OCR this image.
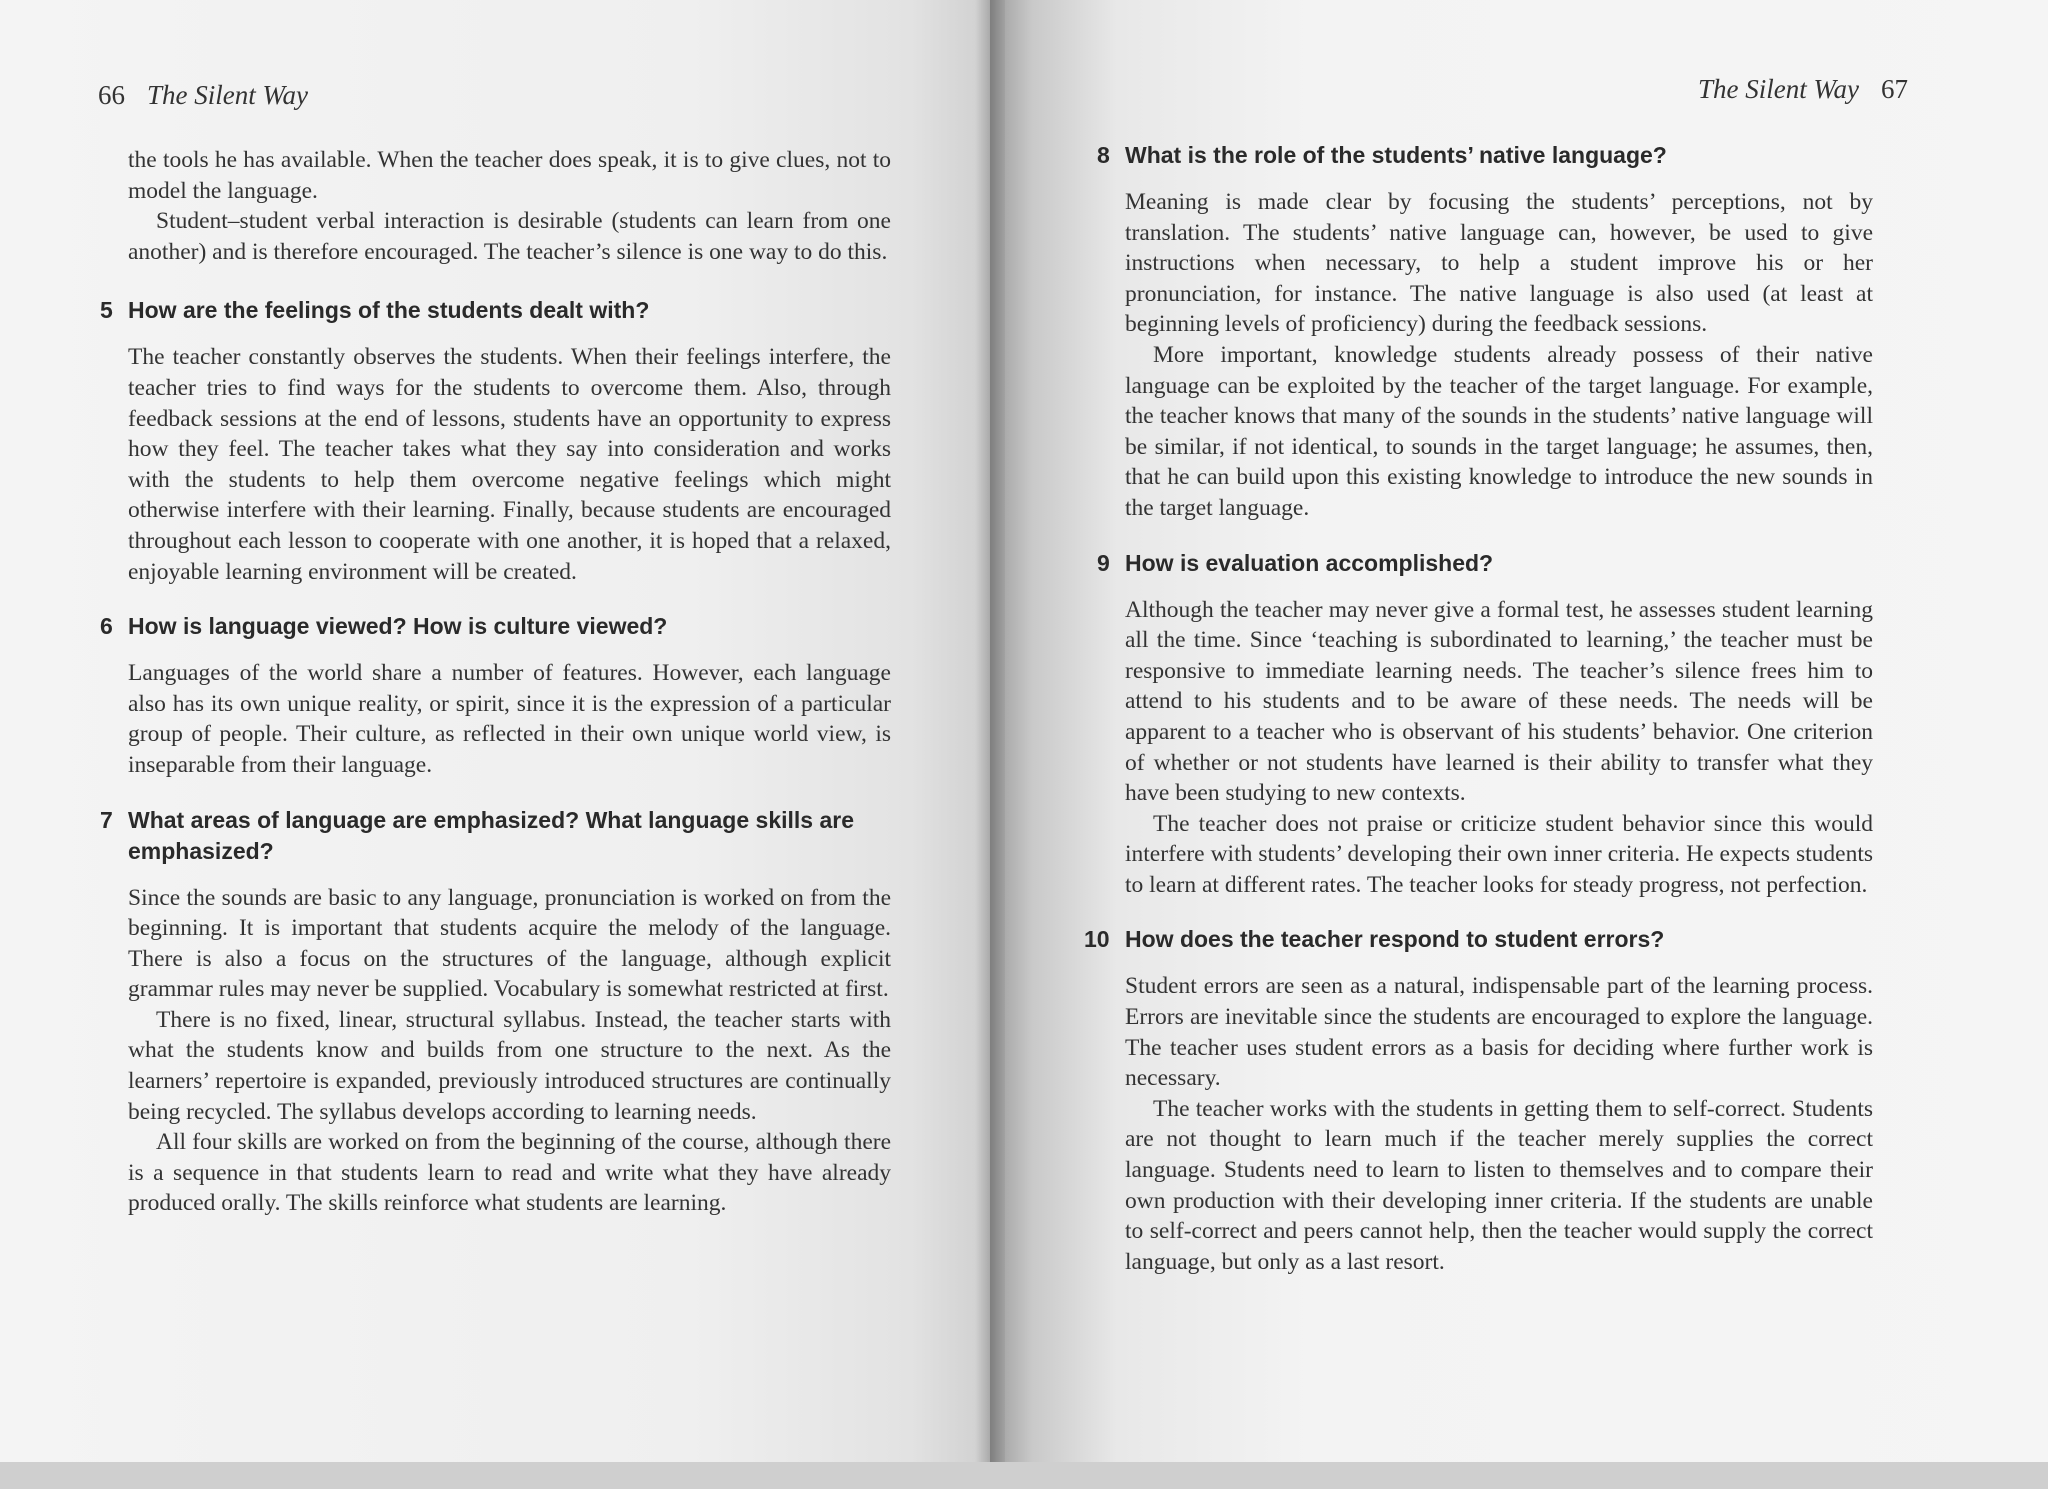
66 The Silent Way

the tools he has available. When the teacher does speak, it is to give clues, not to model the language.

Student–student verbal interaction is desirable (students can learn from one another) and is therefore encouraged. The teacher’s silence is one way to do this.

5 How are the feelings of the students dealt with?

The teacher constantly observes the students. When their feelings interfere, the teacher tries to find ways for the students to overcome them. Also, through feedback sessions at the end of lessons, students have an opportunity to express how they feel. The teacher takes what they say into consideration and works with the students to help them overcome negative feelings which might otherwise interfere with their learning. Finally, because students are encouraged throughout each lesson to cooperate with one another, it is hoped that a relaxed, enjoyable learning environment will be created.

6 How is language viewed? How is culture viewed?

Languages of the world share a number of features. However, each language also has its own unique reality, or spirit, since it is the expression of a particular group of people. Their culture, as reflected in their own unique world view, is inseparable from their language.

7 What areas of language are emphasized? What language skills are emphasized?

Since the sounds are basic to any language, pronunciation is worked on from the beginning. It is important that students acquire the melody of the language. There is also a focus on the structures of the language, although explicit grammar rules may never be supplied. Vocabulary is somewhat restricted at first.

There is no fixed, linear, structural syllabus. Instead, the teacher starts with what the students know and builds from one structure to the next. As the learners’ repertoire is expanded, previously introduced structures are continually being recycled. The syllabus develops according to learning needs.

All four skills are worked on from the beginning of the course, although there is a sequence in that students learn to read and write what they have already produced orally. The skills reinforce what students are learning.

The Silent Way 67

8 What is the role of the students’ native language?

Meaning is made clear by focusing the students’ perceptions, not by translation. The students’ native language can, however, be used to give instructions when necessary, to help a student improve his or her pronunciation, for instance. The native language is also used (at least at beginning levels of proficiency) during the feedback sessions.

More important, knowledge students already possess of their native language can be exploited by the teacher of the target language. For example, the teacher knows that many of the sounds in the students’ native language will be similar, if not identical, to sounds in the target language; he assumes, then, that he can build upon this existing knowledge to introduce the new sounds in the target language.

9 How is evaluation accomplished?

Although the teacher may never give a formal test, he assesses student learning all the time. Since ‘teaching is subordinated to learning,’ the teacher must be responsive to immediate learning needs. The teacher’s silence frees him to attend to his students and to be aware of these needs. The needs will be apparent to a teacher who is observant of his students’ behavior. One criterion of whether or not students have learned is their ability to transfer what they have been studying to new contexts.

The teacher does not praise or criticize student behavior since this would interfere with students’ developing their own inner criteria. He expects students to learn at different rates. The teacher looks for steady progress, not perfection.

10 How does the teacher respond to student errors?

Student errors are seen as a natural, indispensable part of the learning process. Errors are inevitable since the students are encouraged to explore the language. The teacher uses student errors as a basis for deciding where further work is necessary.

The teacher works with the students in getting them to self-correct. Students are not thought to learn much if the teacher merely supplies the correct language. Students need to learn to listen to themselves and to compare their own production with their developing inner criteria. If the students are unable to self-correct and peers cannot help, then the teacher would supply the correct language, but only as a last resort.
